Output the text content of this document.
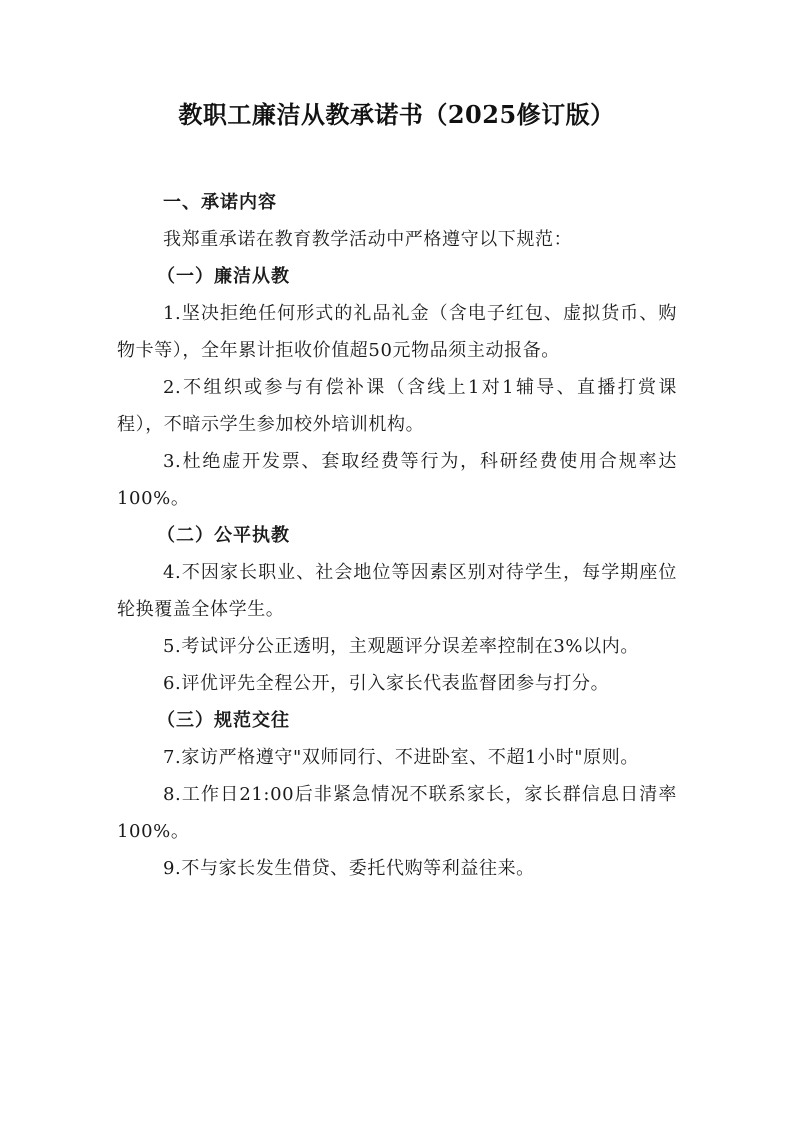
教职工廉洁从教承诺书（2025修订版）

一、承诺内容

我郑重承诺在教育教学活动中严格遵守以下规范：

（一）廉洁从教

1.坚决拒绝任何形式的礼品礼金（含电子红包、虚拟货币、购物卡等），全年累计拒收价值超50元物品须主动报备。

2.不组织或参与有偿补课（含线上1对1辅导、直播打赏课程），不暗示学生参加校外培训机构。

3.杜绝虚开发票、套取经费等行为，科研经费使用合规率达100%。

（二）公平执教

4.不因家长职业、社会地位等因素区别对待学生，每学期座位轮换覆盖全体学生。

5.考试评分公正透明，主观题评分误差率控制在3%以内。

6.评优评先全程公开，引入家长代表监督团参与打分。

（三）规范交往

7.家访严格遵守"双师同行、不进卧室、不超1小时"原则。

8.工作日21:00后非紧急情况不联系家长，家长群信息日清率100%。

9.不与家长发生借贷、委托代购等利益往来。
